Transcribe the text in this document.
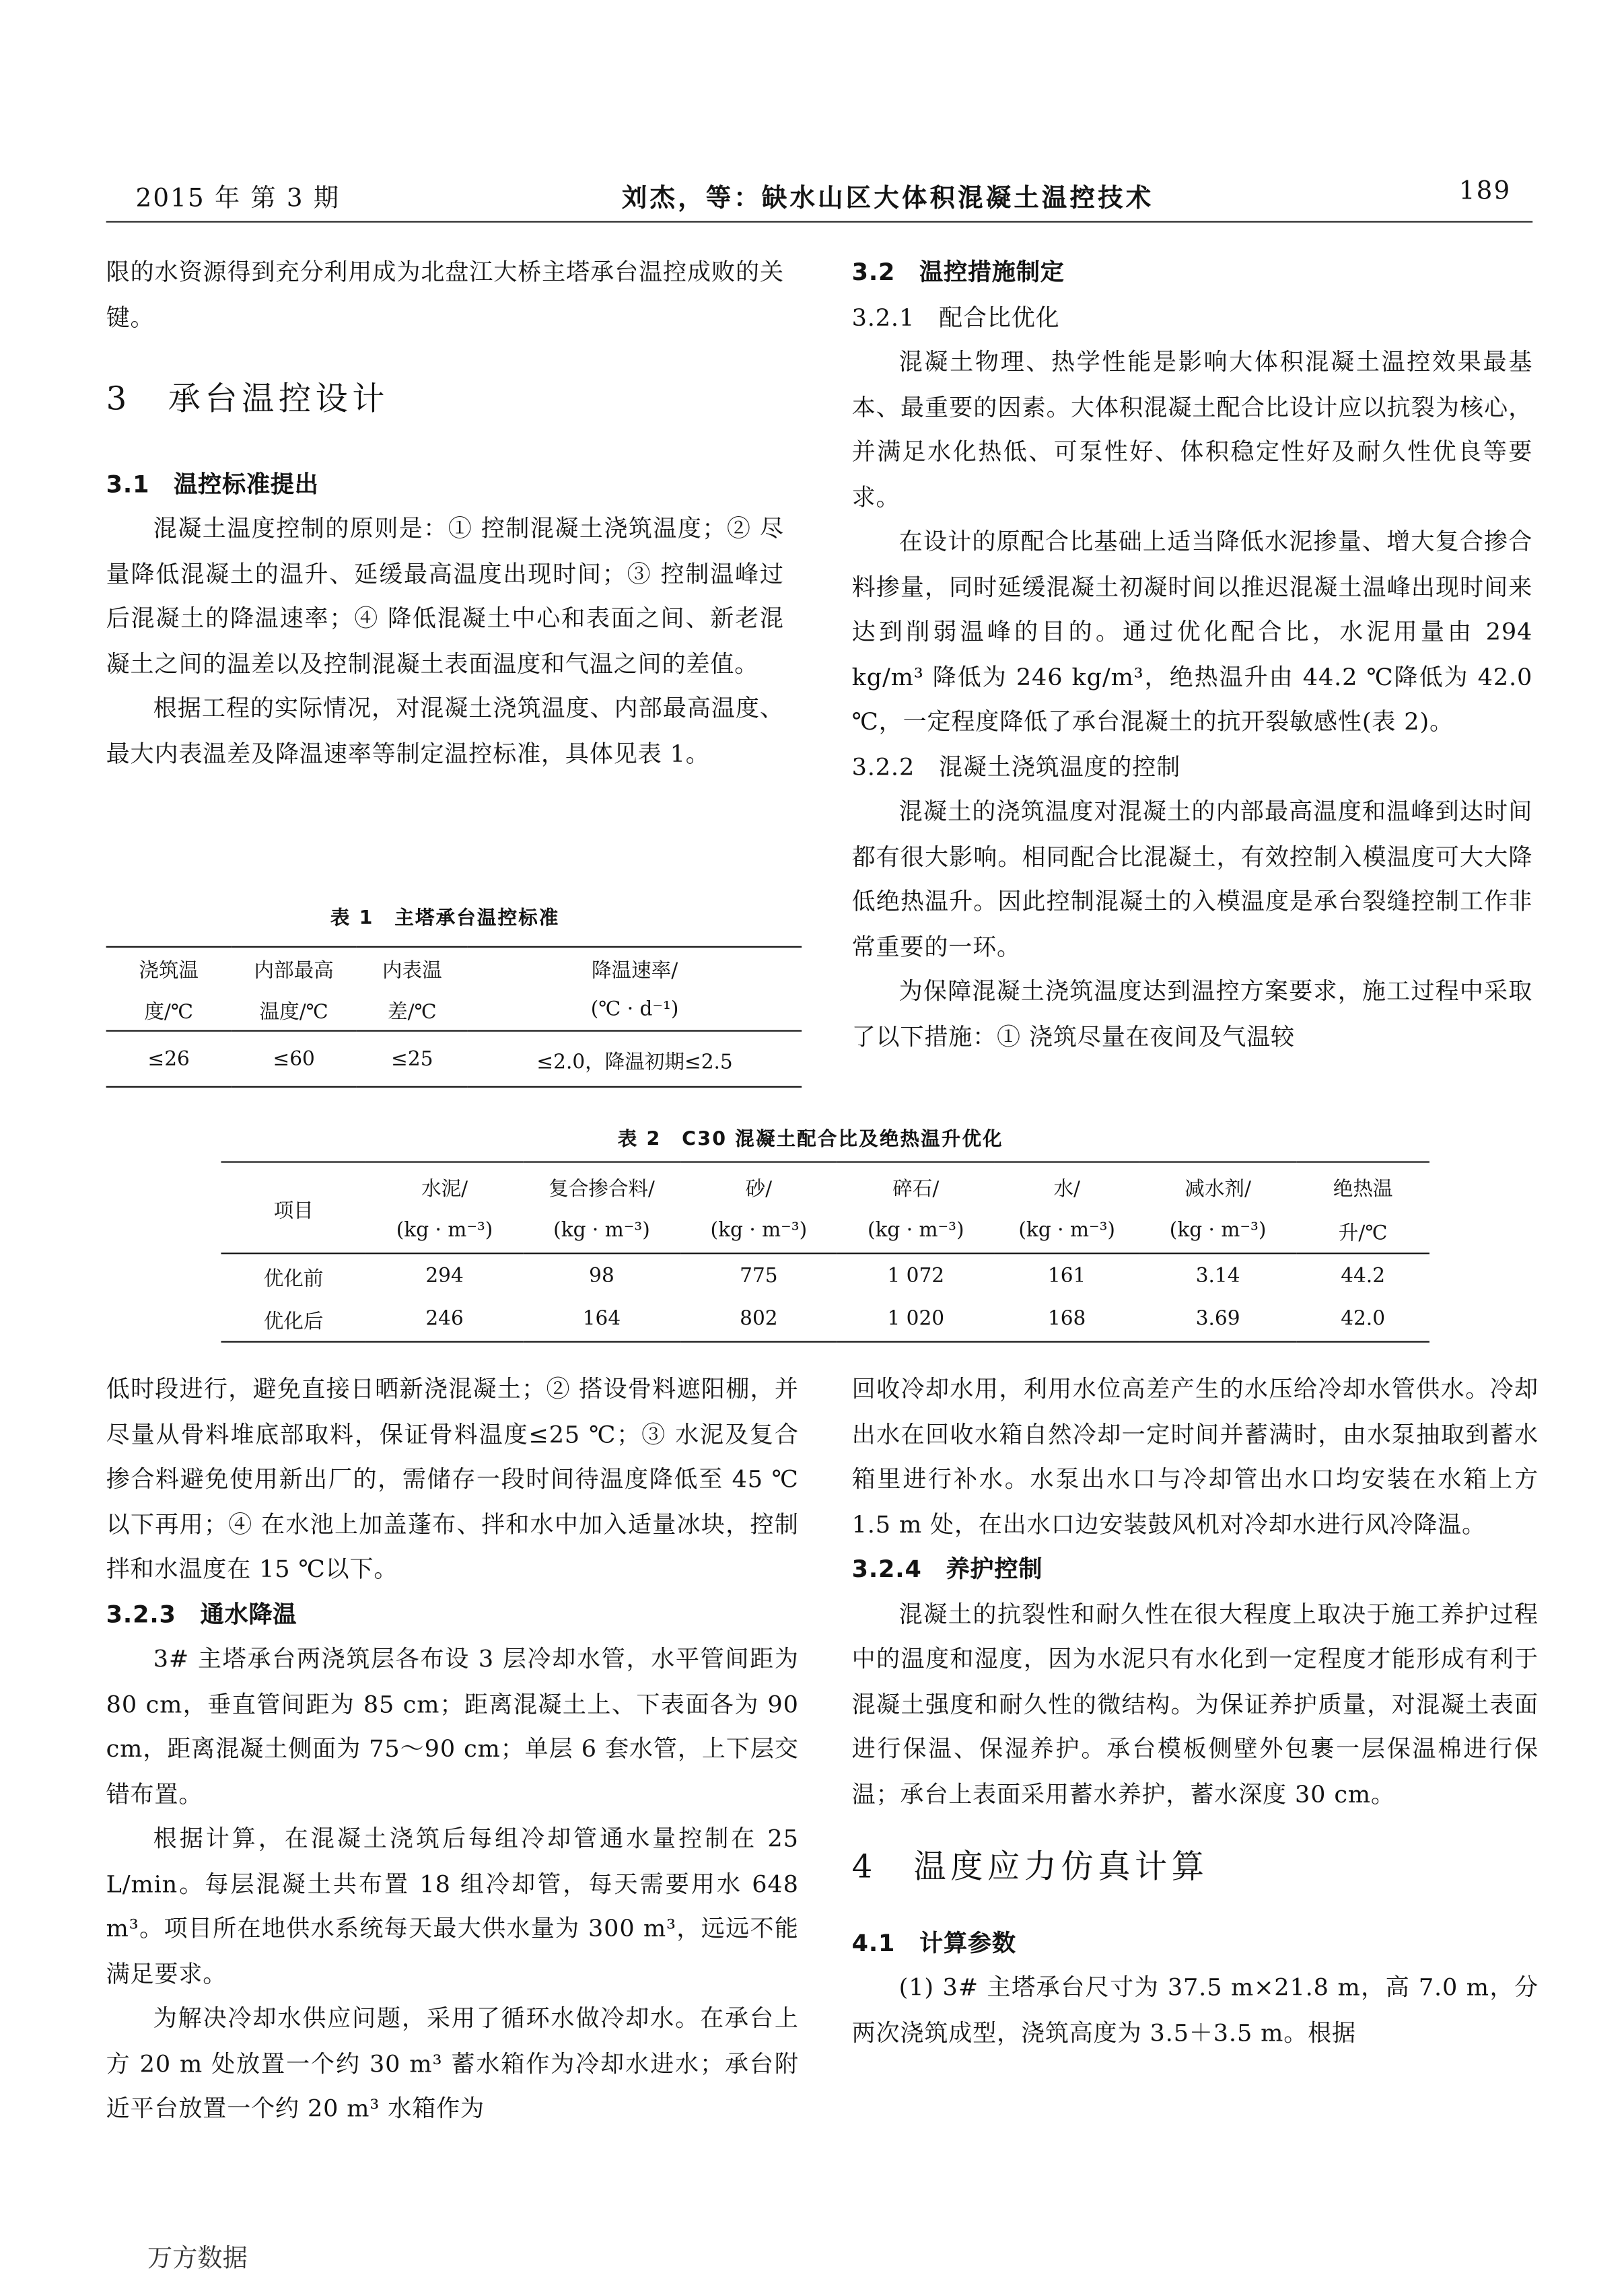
2015 年 第 3 期	刘杰，等：缺水山区大体积混凝土温控技术	189

限的水资源得到充分利用成为北盘江大桥主塔承台温控成败的关键。

3　承台温控设计

3.1　温控标准提出

混凝土温度控制的原则是：① 控制混凝土浇筑温度；② 尽量降低混凝土的温升、延缓最高温度出现时间；③ 控制温峰过后混凝土的降温速率；④ 降低混凝土中心和表面之间、新老混凝土之间的温差以及控制混凝土表面温度和气温之间的差值。

根据工程的实际情况，对混凝土浇筑温度、内部最高温度、最大内表温差及降温速率等制定温控标准，具体见表 1。

表 1　主塔承台温控标准
浇筑温	内部最高	内表温	降温速率/
度/℃	温度/℃	差/℃	(℃ · d⁻¹)
≤26	≤60	≤25	≤2.0，降温初期≤2.5

3.2　温控措施制定

3.2.1　配合比优化

混凝土物理、热学性能是影响大体积混凝土温控效果最基本、最重要的因素。大体积混凝土配合比设计应以抗裂为核心，并满足水化热低、可泵性好、体积稳定性好及耐久性优良等要求。

在设计的原配合比基础上适当降低水泥掺量、增大复合掺合料掺量，同时延缓混凝土初凝时间以推迟混凝土温峰出现时间来达到削弱温峰的目的。通过优化配合比，水泥用量由 294 kg/m³ 降低为 246 kg/m³，绝热温升由 44.2 ℃降低为 42.0 ℃，一定程度降低了承台混凝土的抗开裂敏感性(表 2)。

3.2.2　混凝土浇筑温度的控制

混凝土的浇筑温度对混凝土的内部最高温度和温峰到达时间都有很大影响。相同配合比混凝土，有效控制入模温度可大大降低绝热温升。因此控制混凝土的入模温度是承台裂缝控制工作非常重要的一环。

为保障混凝土浇筑温度达到温控方案要求，施工过程中采取了以下措施：① 浇筑尽量在夜间及气温较

表 2　C30 混凝土配合比及绝热温升优化
项目	水泥/	复合掺合料/	砂/	碎石/	水/	减水剂/	绝热温
	(kg · m⁻³)	(kg · m⁻³)	(kg · m⁻³)	(kg · m⁻³)	(kg · m⁻³)	(kg · m⁻³)	升/℃
优化前	294	98	775	1 072	161	3.14	44.2
优化后	246	164	802	1 020	168	3.69	42.0

低时段进行，避免直接日晒新浇混凝土；② 搭设骨料遮阳棚，并尽量从骨料堆底部取料，保证骨料温度≤25 ℃；③ 水泥及复合掺合料避免使用新出厂的，需储存一段时间待温度降低至 45 ℃以下再用；④ 在水池上加盖蓬布、拌和水中加入适量冰块，控制拌和水温度在 15 ℃以下。

3.2.3　通水降温

3# 主塔承台两浇筑层各布设 3 层冷却水管，水平管间距为 80 cm，垂直管间距为 85 cm；距离混凝土上、下表面各为 90 cm，距离混凝土侧面为 75～90 cm；单层 6 套水管，上下层交错布置。

根据计算，在混凝土浇筑后每组冷却管通水量控制在 25 L/min。每层混凝土共布置 18 组冷却管，每天需要用水 648 m³。项目所在地供水系统每天最大供水量为 300 m³，远远不能满足要求。

为解决冷却水供应问题，采用了循环水做冷却水。在承台上方 20 m 处放置一个约 30 m³ 蓄水箱作为冷却水进水；承台附近平台放置一个约 20 m³ 水箱作为

回收冷却水用，利用水位高差产生的水压给冷却水管供水。冷却出水在回收水箱自然冷却一定时间并蓄满时，由水泵抽取到蓄水箱里进行补水。水泵出水口与冷却管出水口均安装在水箱上方 1.5 m 处，在出水口边安装鼓风机对冷却水进行风冷降温。

3.2.4　养护控制

混凝土的抗裂性和耐久性在很大程度上取决于施工养护过程中的温度和湿度，因为水泥只有水化到一定程度才能形成有利于混凝土强度和耐久性的微结构。为保证养护质量，对混凝土表面进行保温、保湿养护。承台模板侧壁外包裹一层保温棉进行保温；承台上表面采用蓄水养护，蓄水深度 30 cm。

4　温度应力仿真计算

4.1　计算参数

(1) 3# 主塔承台尺寸为 37.5 m×21.8 m，高 7.0 m，分两次浇筑成型，浇筑高度为 3.5＋3.5 m。根据

万方数据
